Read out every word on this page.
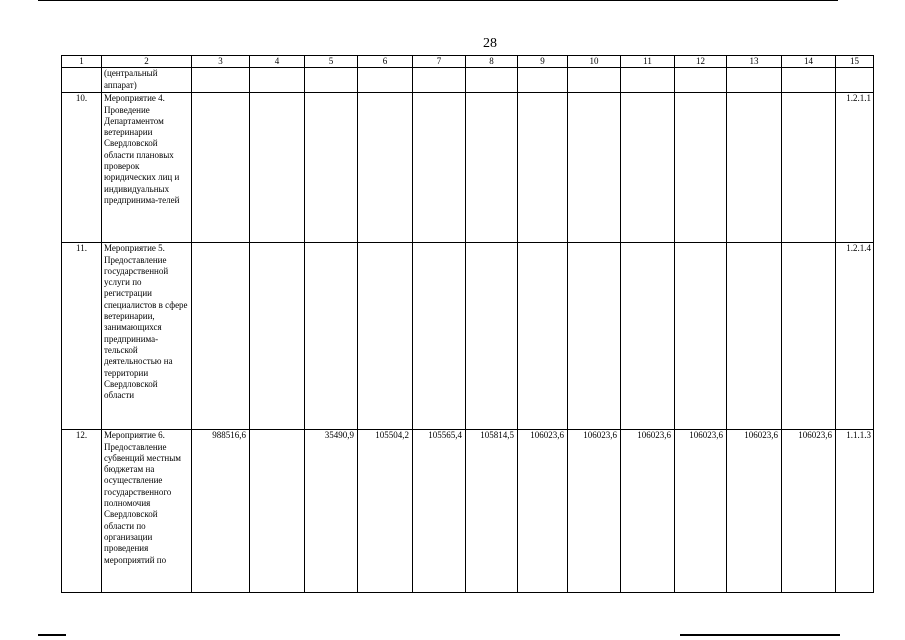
28
1	2	3	4	5	6	7	8	9	10	11	12	13	14	15
	(центральный аппарат)													
10.	Мероприятие 4. Проведение Департаментом ветеринарии Свердловской области плановых проверок юридических лиц и индивидуальных предпринима-телей													1.2.1.1
11.	Мероприятие 5. Предоставление государственной услуги по регистрации специалистов в сфере ветеринарии, занимающихся предпринима-тельской деятельностью на территории Свердловской области													1.2.1.4
12.	Мероприятие 6. Предоставление субвенций местным бюджетам на осуществление государственного полномочия Свердловской области по организации проведения мероприятий по	988516,6		35490,9	105504,2	105565,4	105814,5	106023,6	106023,6	106023,6	106023,6	106023,6	106023,6	1.1.1.3
